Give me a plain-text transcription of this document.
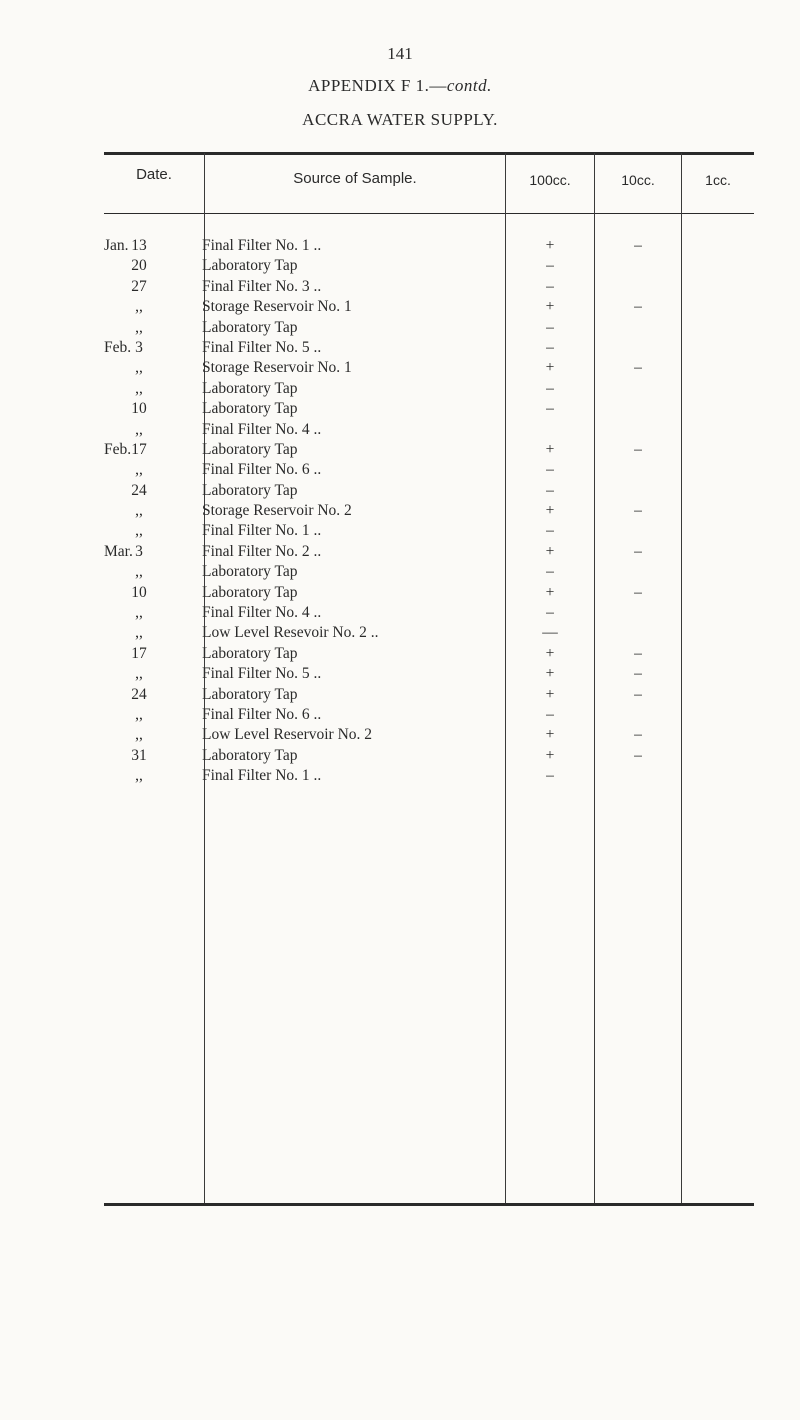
141
APPENDIX F 1.—contd.
ACCRA WATER SUPPLY.
Date.	Source of Sample.	100cc.	10cc.	1cc.
Jan. 13	Final Filter No. 1 ..	+	–
20	Laboratory Tap	–
27	Final Filter No. 3 ..	–
,,	Storage Reservoir No. 1	+	–
,,	Laboratory Tap	–
Feb. 3	Final Filter No. 5 ..	–
,,	Storage Reservoir No. 1	+	–
,,	Laboratory Tap	–
10	Laboratory Tap	–
,,	Final Filter No. 4 ..
Feb. 17	Laboratory Tap	+	–
,,	Final Filter No. 6 ..	–
24	Laboratory Tap	–
,,	Storage Reservoir No. 2	+	–
,,	Final Filter No. 1 ..	–
Mar. 3	Final Filter No. 2 ..	+	–
,,	Laboratory Tap	–
10	Laboratory Tap	+	–
,,	Final Filter No. 4 ..	–
,,	Low Level Resevoir No. 2 ..	—
17	Laboratory Tap	+	–
,,	Final Filter No. 5 ..	+	–
24	Laboratory Tap	+	–
,,	Final Filter No. 6 ..	–
,,	Low Level Reservoir No. 2	+	–
31	Laboratory Tap	+	–
,,	Final Filter No. 1 ..	–
